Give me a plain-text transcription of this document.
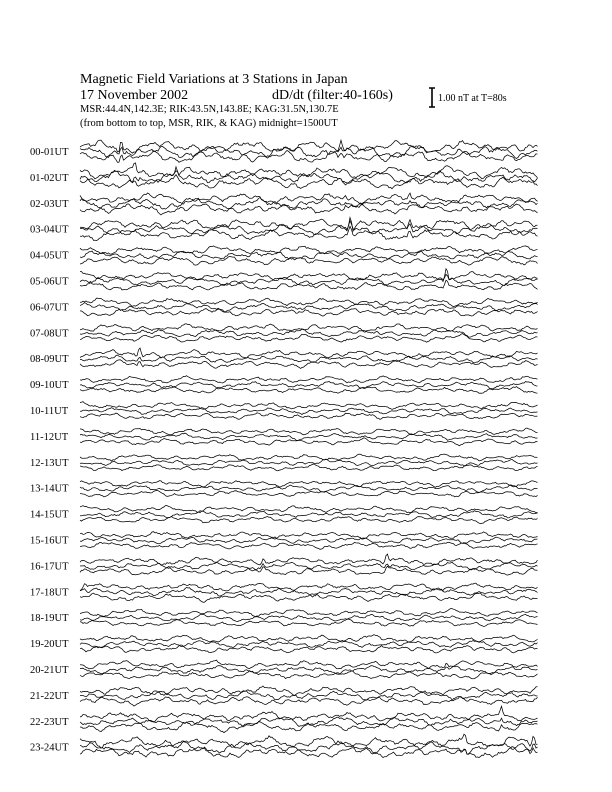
Magnetic Field Variations at 3 Stations in Japan
17 November 2002	dD/dt (filter:40-160s)
MSR:44.4N,142.3E; RIK:43.5N,143.8E; KAG:31.5N,130.7E
(from bottom to top, MSR, RIK, & KAG) midnight=1500UT
1.00 nT at T=80s
00-01UT
01-02UT
02-03UT
03-04UT
04-05UT
05-06UT
06-07UT
07-08UT
08-09UT
09-10UT
10-11UT
11-12UT
12-13UT
13-14UT
14-15UT
15-16UT
16-17UT
17-18UT
18-19UT
19-20UT
20-21UT
21-22UT
22-23UT
23-24UT
